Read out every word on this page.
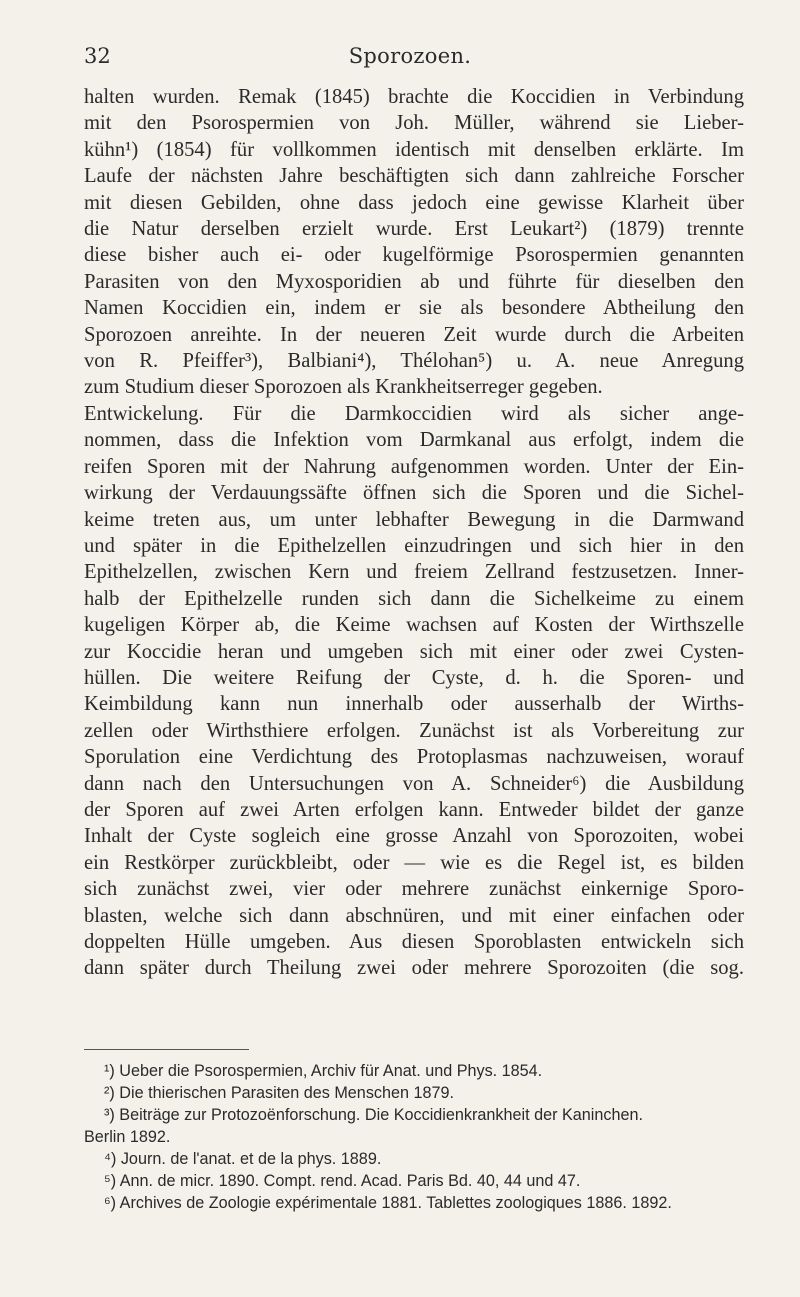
32	Sporozoen.
halten wurden. Remak (1845) brachte die Koccidien in Verbindung
mit den Psorospermien von Joh. Müller, während sie Lieber-
kühn¹) (1854) für vollkommen identisch mit denselben erklärte. Im
Laufe der nächsten Jahre beschäftigten sich dann zahlreiche Forscher
mit diesen Gebilden, ohne dass jedoch eine gewisse Klarheit über
die Natur derselben erzielt wurde. Erst Leukart²) (1879) trennte
diese bisher auch ei- oder kugelförmige Psorospermien genannten
Parasiten von den Myxosporidien ab und führte für dieselben den
Namen Koccidien ein, indem er sie als besondere Abtheilung den
Sporozoen anreihte. In der neueren Zeit wurde durch die Arbeiten
von R. Pfeiffer³), Balbiani⁴), Thélohan⁵) u. A. neue Anregung
zum Studium dieser Sporozoen als Krankheitserreger gegeben.
Entwickelung. Für die Darmkoccidien wird als sicher ange-
nommen, dass die Infektion vom Darmkanal aus erfolgt, indem die
reifen Sporen mit der Nahrung aufgenommen worden. Unter der Ein-
wirkung der Verdauungssäfte öffnen sich die Sporen und die Sichel-
keime treten aus, um unter lebhafter Bewegung in die Darmwand
und später in die Epithelzellen einzudringen und sich hier in den
Epithelzellen, zwischen Kern und freiem Zellrand festzusetzen. Inner-
halb der Epithelzelle runden sich dann die Sichelkeime zu einem
kugeligen Körper ab, die Keime wachsen auf Kosten der Wirthszelle
zur Koccidie heran und umgeben sich mit einer oder zwei Cysten-
hüllen. Die weitere Reifung der Cyste, d. h. die Sporen- und
Keimbildung kann nun innerhalb oder ausserhalb der Wirths-
zellen oder Wirthsthiere erfolgen. Zunächst ist als Vorbereitung zur
Sporulation eine Verdichtung des Protoplasmas nachzuweisen, worauf
dann nach den Untersuchungen von A. Schneider⁶) die Ausbildung
der Sporen auf zwei Arten erfolgen kann. Entweder bildet der ganze
Inhalt der Cyste sogleich eine grosse Anzahl von Sporozoiten, wobei
ein Restkörper zurückbleibt, oder — wie es die Regel ist, es bilden
sich zunächst zwei, vier oder mehrere zunächst einkernige Sporo-
blasten, welche sich dann abschnüren, und mit einer einfachen oder
doppelten Hülle umgeben. Aus diesen Sporoblasten entwickeln sich
dann später durch Theilung zwei oder mehrere Sporozoiten (die sog.
¹) Ueber die Psorospermien, Archiv für Anat. und Phys. 1854.
²) Die thierischen Parasiten des Menschen 1879.
³) Beiträge zur Protozoënforschung. Die Koccidienkrankheit der Kaninchen.
Berlin 1892.
⁴) Journ. de l'anat. et de la phys. 1889.
⁵) Ann. de micr. 1890. Compt. rend. Acad. Paris Bd. 40, 44 und 47.
⁶) Archives de Zoologie expérimentale 1881. Tablettes zoologiques 1886. 1892.
